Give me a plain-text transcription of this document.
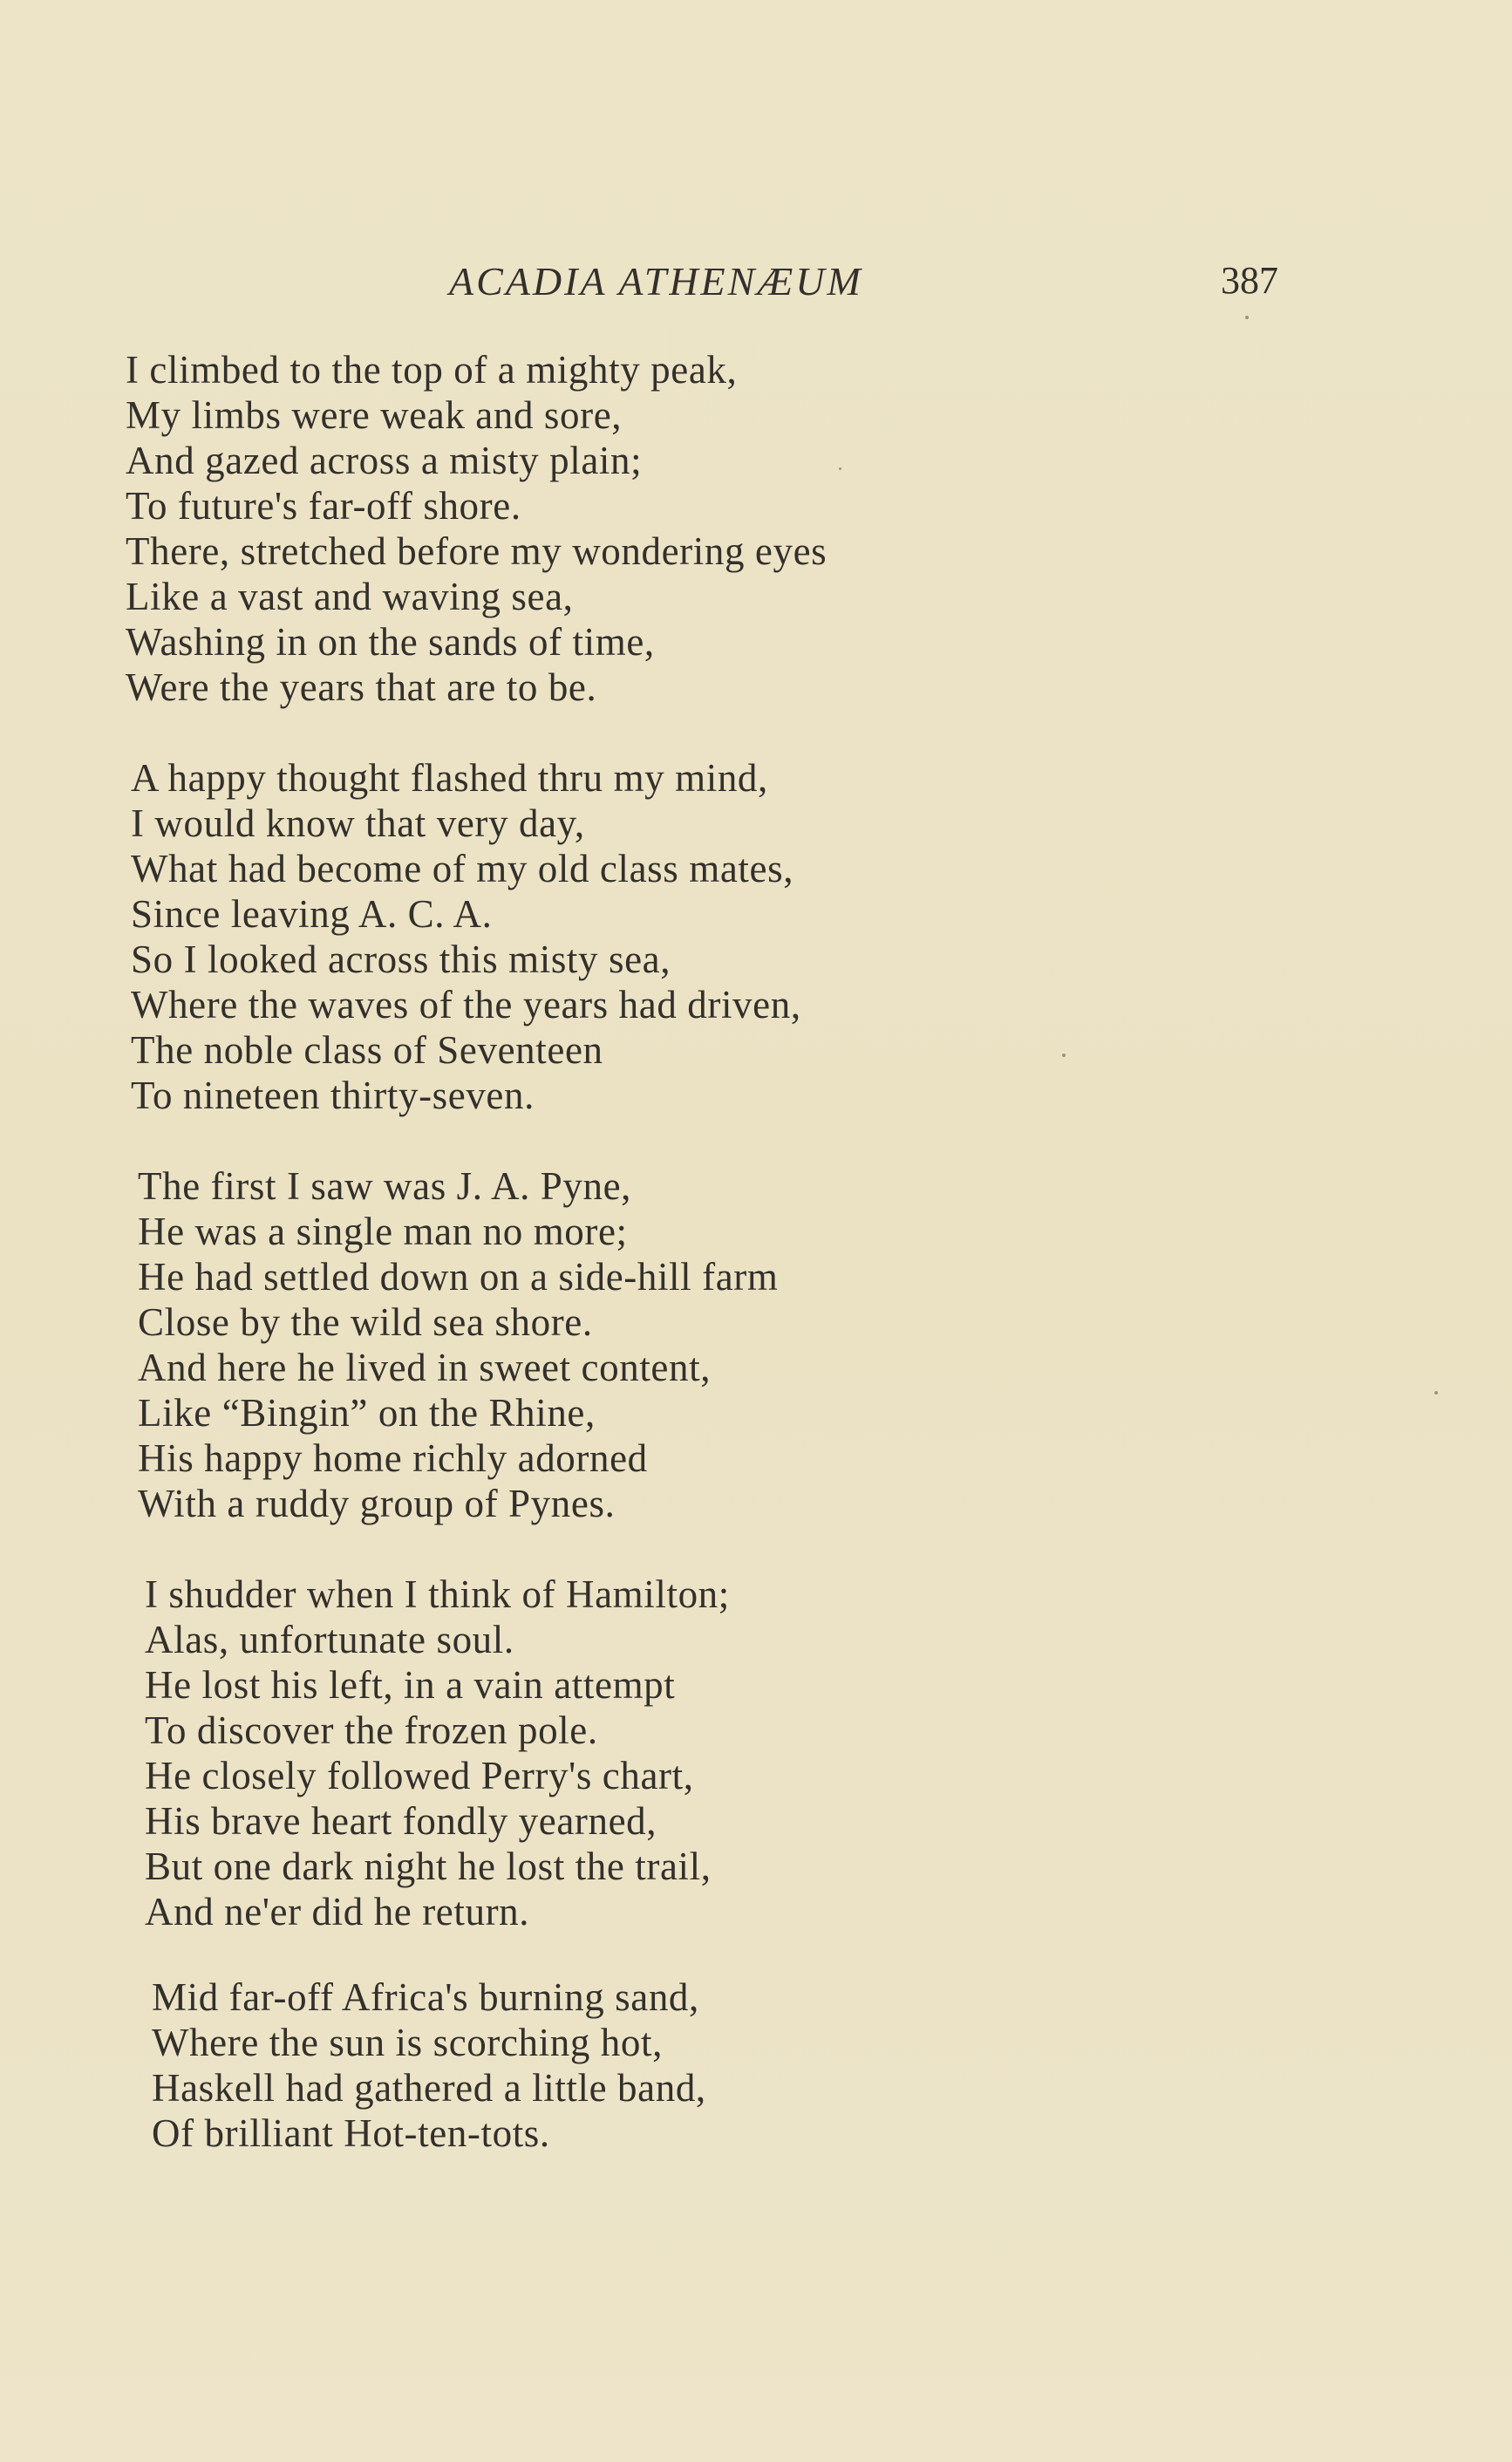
ACADIA ATHENÆUM	387
I climbed to the top of a mighty peak,
My limbs were weak and sore,
And gazed across a misty plain;
To future's far-off shore.
There, stretched before my wondering eyes
Like a vast and waving sea,
Washing in on the sands of time,
Were the years that are to be.
A happy thought flashed thru my mind,
I would know that very day,
What had become of my old class mates,
Since leaving A. C. A.
So I looked across this misty sea,
Where the waves of the years had driven,
The noble class of Seventeen
To nineteen thirty-seven.
The first I saw was J. A. Pyne,
He was a single man no more;
He had settled down on a side-hill farm
Close by the wild sea shore.
And here he lived in sweet content,
Like “Bingin” on the Rhine,
His happy home richly adorned
With a ruddy group of Pynes.
I shudder when I think of Hamilton;
Alas, unfortunate soul.
He lost his left, in a vain attempt
To discover the frozen pole.
He closely followed Perry's chart,
His brave heart fondly yearned,
But one dark night he lost the trail,
And ne'er did he return.
Mid far-off Africa's burning sand,
Where the sun is scorching hot,
Haskell had gathered a little band,
Of brilliant Hot-ten-tots.
